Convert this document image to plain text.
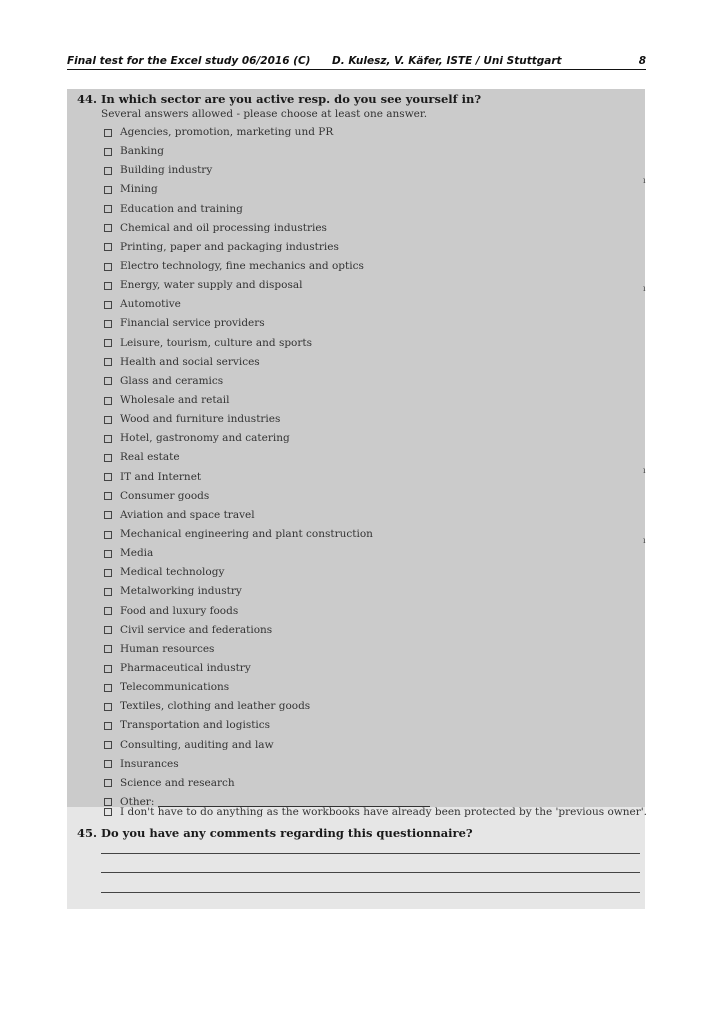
Final test for the Excel study 06/2016 (C) D. Kulesz, V. Käfer, ISTE / Uni Stuttgart	8
ı
ı
ı
ı
44. In which sector are you active resp. do you see yourself in?
Several answers allowed - please choose at least one answer.
Agencies, promotion, marketing und PR
Banking
Building industry
Mining
Education and training
Chemical and oil processing industries
Printing, paper and packaging industries
Electro technology, fine mechanics and optics
Energy, water supply and disposal
Automotive
Financial service providers
Leisure, tourism, culture and sports
Health and social services
Glass and ceramics
Wholesale and retail
Wood and furniture industries
Hotel, gastronomy and catering
Real estate
IT and Internet
Consumer goods
Aviation and space travel
Mechanical engineering and plant construction
Media
Medical technology
Metalworking industry
Food and luxury foods
Civil service and federations
Human resources
Pharmaceutical industry
Telecommunications
Textiles, clothing and leather goods
Transportation and logistics
Consulting, auditing and law
Insurances
Science and research
Other:
I don't have to do anything as the workbooks have already been protected by the 'previous owner'.
45. Do you have any comments regarding this questionnaire?
